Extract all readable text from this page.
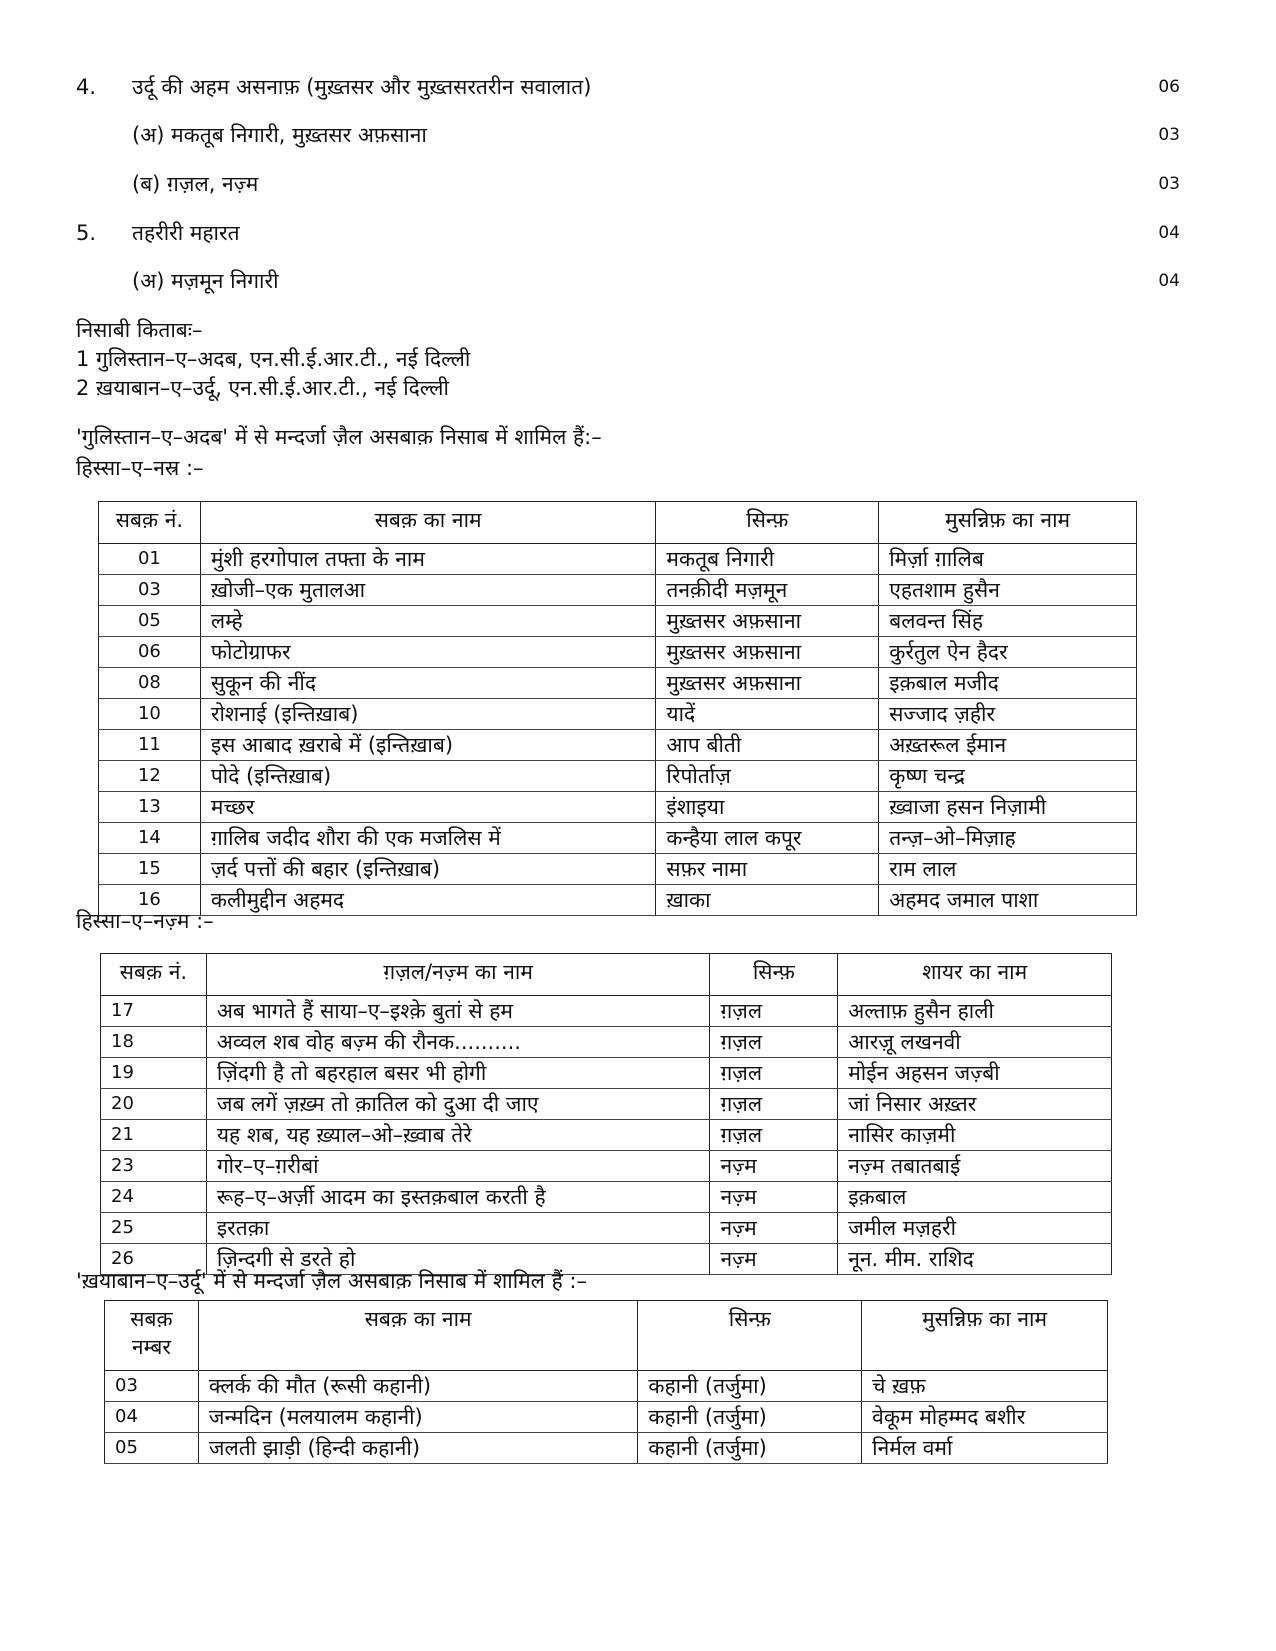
4. उर्दू की अहम असनाफ़ (मुख़्तसर और मुख़्तसरतरीन सवालात)	06
(अ) मकतूब निगारी, मुख़्तसर अफ़साना	03
(ब) ग़ज़ल, नज़्म	03
5. तहरीरी महारत	04
(अ) मज़मून निगारी	04
निसाबी किताबः–
1 गुलिस्तान–ए–अदब, एन.सी.ई.आर.टी., नई दिल्ली
2 ख़याबान–ए–उर्दू, एन.सी.ई.आर.टी., नई दिल्ली
'गुलिस्तान–ए–अदब' में से मन्दर्जा ज़ैल असबाक़ निसाब में शामिल हैं:–
हिस्सा–ए–नस्र :–
सबक़ नं.	सबक़ का नाम	सिन्फ़	मुसन्निफ़ का नाम
01	मुंशी हरगोपाल तफ्ता के नाम	मकतूब निगारी	मिर्ज़ा ग़ालिब
03	ख़ोजी–एक मुतालआ	तनक़ीदी मज़मून	एहतशाम हुसैन
05	लम्हे	मुख़्तसर अफ़साना	बलवन्त सिंह
06	फोटोग्राफर	मुख़्तसर अफ़साना	कुर्रतुल ऐन हैदर
08	सुकून की नींद	मुख़्तसर अफ़साना	इक़बाल मजीद
10	रोशनाई (इन्तिख़ाब)	यादें	सज्जाद ज़हीर
11	इस आबाद ख़राबे में (इन्तिख़ाब)	आप बीती	अख़्तरूल ईमान
12	पोदे (इन्तिख़ाब)	रिपोर्ताज़	कृष्ण चन्द्र
13	मच्छर	इंशाइया	ख़्वाजा हसन निज़ामी
14	ग़ालिब जदीद शौरा की एक मजलिस में	कन्हैया लाल कपूर	तन्ज़–ओ–मिज़ाह
15	ज़र्द पत्तों की बहार (इन्तिख़ाब)	सफ़र नामा	राम लाल
16	कलीमुद्दीन अहमद	ख़ाका	अहमद जमाल पाशा
हिस्सा–ए–नज़्म :–
सबक़ नं.	ग़ज़ल/नज़्म का नाम	सिन्फ़	शायर का नाम
17	अब भागते हैं साया–ए–इश्क़े बुतां से हम	ग़ज़ल	अल्ताफ़ हुसैन हाली
18	अव्वल शब वोह बज़्म की रौनक..........	ग़ज़ल	आरज़ू लखनवी
19	ज़िंदगी है तो बहरहाल बसर भी होगी	ग़ज़ल	मोईन अहसन जज़्बी
20	जब लगें ज़ख़्म तो क़ातिल को दुआ दी जाए	ग़ज़ल	जां निसार अख़्तर
21	यह शब, यह ख़्याल–ओ–ख़्वाब तेरे	ग़ज़ल	नासिर काज़मी
23	गोर–ए–ग़रीबां	नज़्म	नज़्म तबातबाई
24	रूह–ए–अर्ज़ी आदम का इस्तक़बाल करती है	नज़्म	इक़बाल
25	इरतक़ा	नज़्म	जमील मज़हरी
26	ज़िन्दगी से डरते हो	नज़्म	नून. मीम. राशिद
'ख़याबान–ए–उर्दू' में से मन्दर्जा ज़ैल असबाक़ निसाब में शामिल हैं :–
सबक़ नम्बर	सबक़ का नाम	सिन्फ़	मुसन्निफ़ का नाम
03	क्लर्क की मौत (रूसी कहानी)	कहानी (तर्जुमा)	चे ख़फ़
04	जन्मदिन (मलयालम कहानी)	कहानी (तर्जुमा)	वेकूम मोहम्मद बशीर
05	जलती झाड़ी (हिन्दी कहानी)	कहानी (तर्जुमा)	निर्मल वर्मा
